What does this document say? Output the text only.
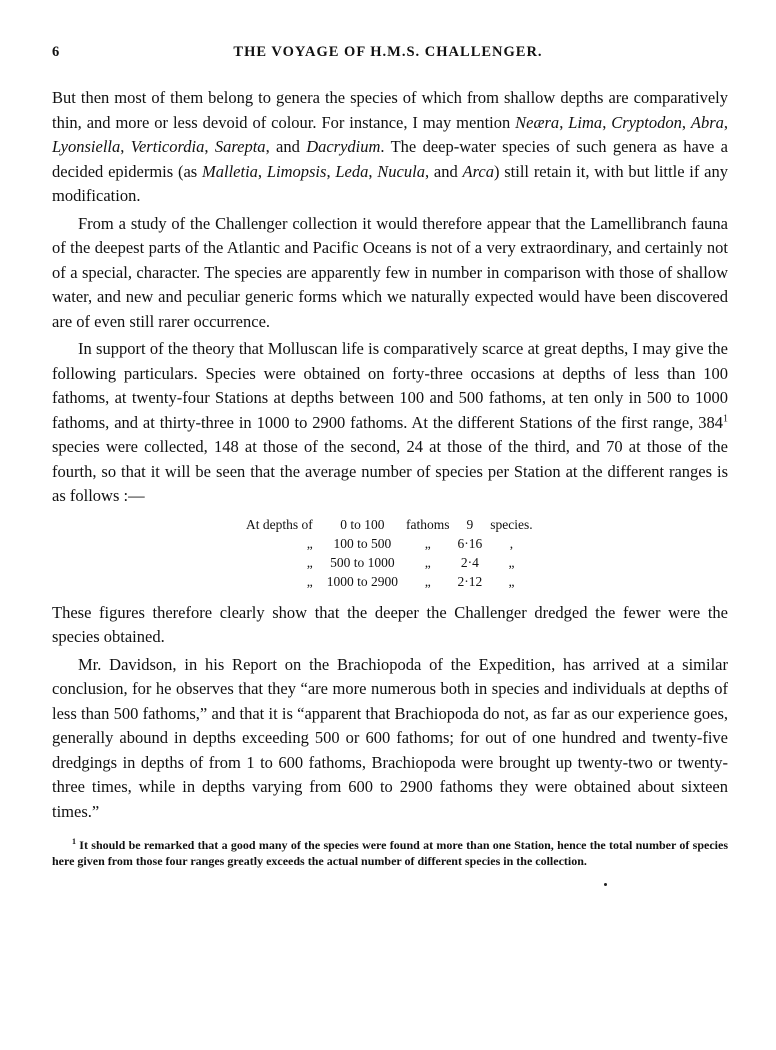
6	THE VOYAGE OF H.M.S. CHALLENGER.

But then most of them belong to genera the species of which from shallow depths are comparatively thin, and more or less devoid of colour. For instance, I may mention Neæra, Lima, Cryptodon, Abra, Lyonsiella, Verticordia, Sarepta, and Dacrydium. The deep-water species of such genera as have a decided epidermis (as Malletia, Limopsis, Leda, Nucula, and Arca) still retain it, with but little if any modification.

From a study of the Challenger collection it would therefore appear that the Lamellibranch fauna of the deepest parts of the Atlantic and Pacific Oceans is not of a very extraordinary, and certainly not of a special, character. The species are apparently few in number in comparison with those of shallow water, and new and peculiar generic forms which we naturally expected would have been discovered are of even still rarer occurrence.

In support of the theory that Molluscan life is comparatively scarce at great depths, I may give the following particulars. Species were obtained on forty-three occasions at depths of less than 100 fathoms, at twenty-four Stations at depths between 100 and 500 fathoms, at ten only in 500 to 1000 fathoms, and at thirty-three in 1000 to 2900 fathoms. At the different Stations of the first range, 384$^1$ species were collected, 148 at those of the second, 24 at those of the third, and 70 at those of the fourth, so that it will be seen that the average number of species per Station at the different ranges is as follows :—

At depths of	0 to 100	fathoms	9	species.
„	100 to 500	„	6·16	,
„	500 to 1000	„	2·4	„
„	1000 to 2900	„	2·12	„

These figures therefore clearly show that the deeper the Challenger dredged the fewer were the species obtained.

Mr. Davidson, in his Report on the Brachiopoda of the Expedition, has arrived at a similar conclusion, for he observes that they “are more numerous both in species and individuals at depths of less than 500 fathoms,” and that it is “apparent that Brachiopoda do not, as far as our experience goes, generally abound in depths exceeding 500 or 600 fathoms; for out of one hundred and twenty-five dredgings in depths of from 1 to 600 fathoms, Brachiopoda were brought up twenty-two or twenty-three times, while in depths varying from 600 to 2900 fathoms they were obtained about sixteen times.”

$^1$ It should be remarked that a good many of the species were found at more than one Station, hence the total number of species here given from those four ranges greatly exceeds the actual number of different species in the collection.
